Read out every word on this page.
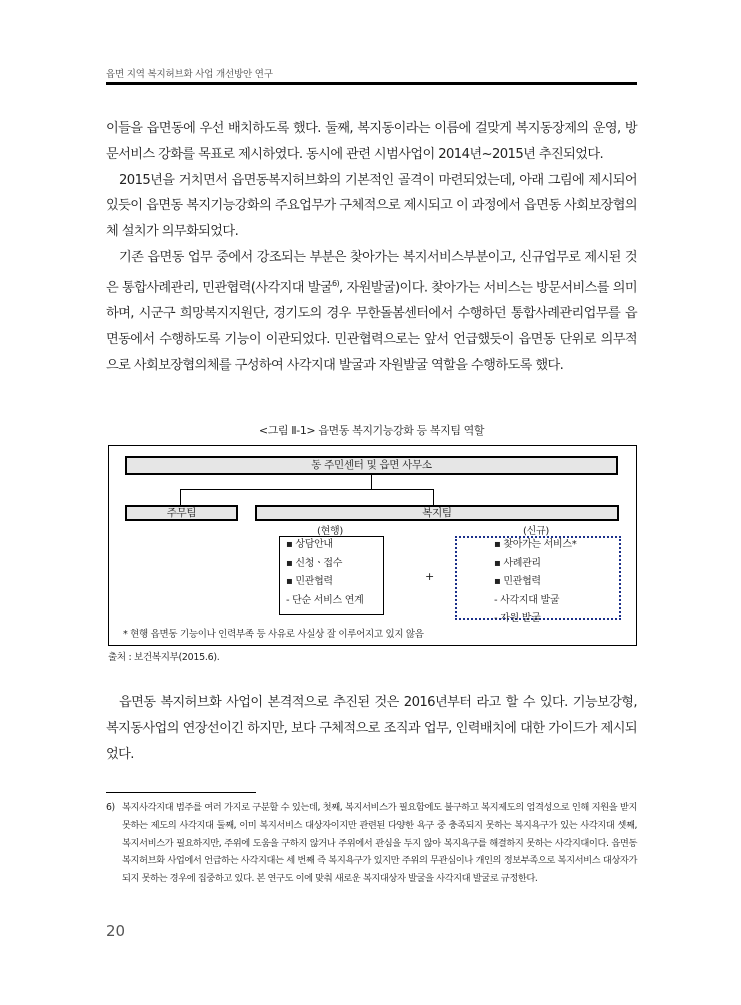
읍면 지역 복지허브화 사업 개선방안 연구

이들을 읍면동에 우선 배치하도록 했다. 둘째, 복지동이라는 이름에 걸맞게 복지동장제의 운영, 방문서비스 강화를 목표로 제시하였다. 동시에 관련 시범사업이 2014년~2015년 추진되었다.

2015년을 거치면서 읍면동복지허브화의 기본적인 골격이 마련되었는데, 아래 그림에 제시되어 있듯이 읍면동 복지기능강화의 주요업무가 구체적으로 제시되고 이 과정에서 읍면동 사회보장협의체 설치가 의무화되었다.

기존 읍면동 업무 중에서 강조되는 부분은 찾아가는 복지서비스부분이고, 신규업무로 제시된 것은 통합사례관리, 민관협력(사각지대 발굴$^{6)}$, 자원발굴)이다. 찾아가는 서비스는 방문서비스를 의미하며, 시군구 희망복지지원단, 경기도의 경우 무한돌봄센터에서 수행하던 통합사례관리업무를 읍면동에서 수행하도록 기능이 이관되었다. 민관협력으로는 앞서 언급했듯이 읍면동 단위로 의무적으로 사회보장협의체를 구성하여 사각지대 발굴과 자원발굴 역할을 수행하도록 했다.

<그림 Ⅱ-1> 읍면동 복지기능강화 등 복지팀 역할
동 주민센터 및 읍면 사무소
주무팀	복지팀
(현행)	(신규)
▪ 상담안내
▪ 신청ㆍ접수
▪ 민관협력
- 단순 서비스 연계
+
▪ 찾아가는 서비스*
▪ 사례관리
▪ 민관협력
- 사각지대 발굴
- 자원 발굴
* 현행 읍면동 기능이나 인력부족 등 사유로 사실상 잘 이루어지고 있지 않음
출처 : 보건복지부(2015.6).

읍면동 복지허브화 사업이 본격적으로 추진된 것은 2016년부터 라고 할 수 있다. 기능보강형, 복지동사업의 연장선이긴 하지만, 보다 구체적으로 조직과 업무, 인력배치에 대한 가이드가 제시되었다.

6) 복지사각지대 범주를 여러 가지로 구분할 수 있는데, 첫째, 복지서비스가 필요함에도 불구하고 복지제도의 엄격성으로 인해 지원을 받지 못하는 제도의 사각지대 둘째, 이미 복지서비스 대상자이지만 관련된 다양한 욕구 중 충족되지 못하는 복지욕구가 있는 사각지대 셋째, 복지서비스가 필요하지만, 주위에 도움을 구하지 않거나 주위에서 관심을 두지 않아 복지욕구를 해결하지 못하는 사각지대이다. 읍면동 복지허브화 사업에서 언급하는 사각지대는 세 번째 즉 복지욕구가 있지만 주위의 무관심이나 개인의 정보부족으로 복지서비스 대상자가 되지 못하는 경우에 집중하고 있다. 본 연구도 이에 맞춰 새로운 복지대상자 발굴을 사각지대 발굴로 규정한다.
20
